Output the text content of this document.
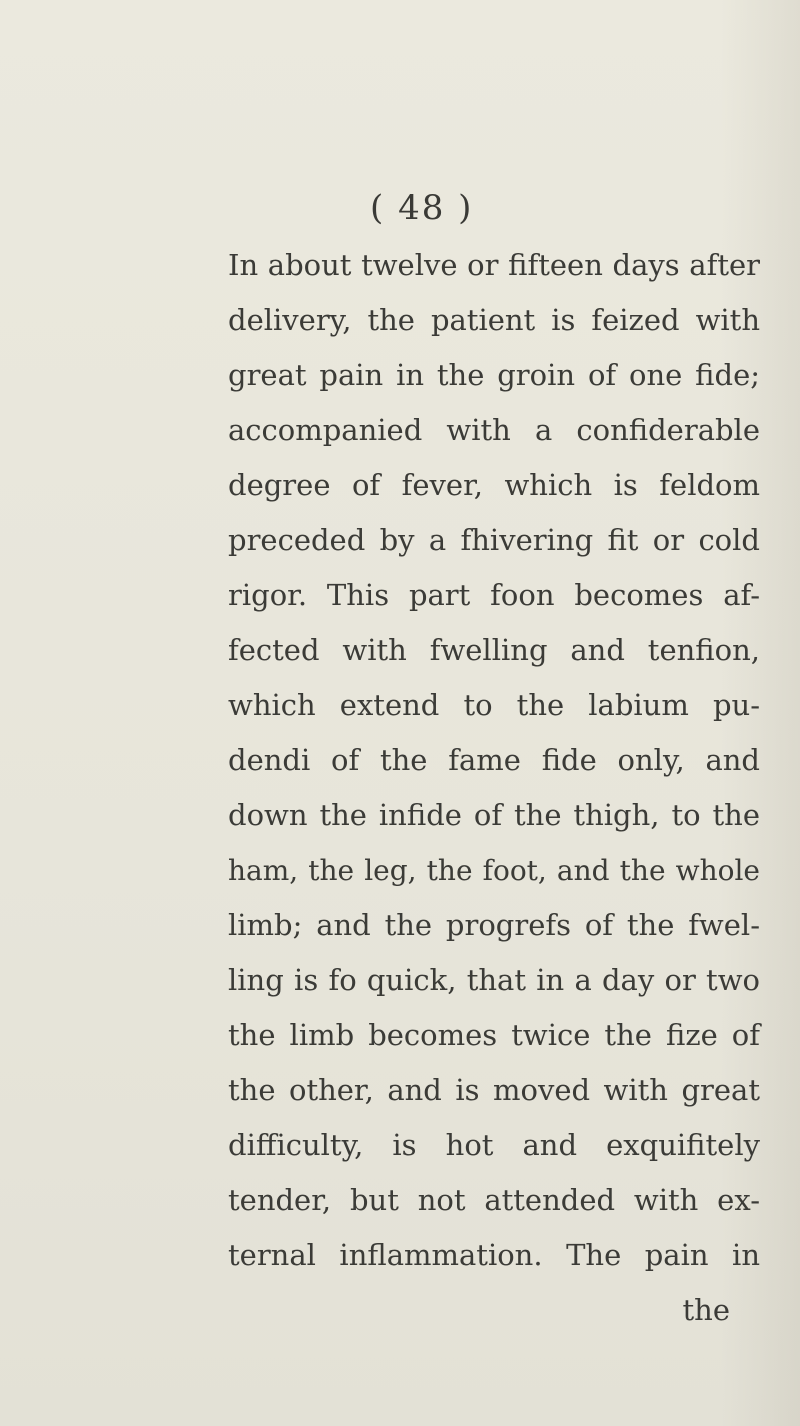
( 48 )
In about twelve or fifteen days after
delivery, the patient is feized with
great pain in the groin of one fide;
accompanied with a confiderable
degree of fever, which is feldom
preceded by a fhivering fit or cold
rigor. This part foon becomes af-
fected with fwelling and tenfion,
which extend to the labium pu-
dendi of the fame fide only, and
down the infide of the thigh, to the
ham, the leg, the foot, and the whole
limb; and the progrefs of the fwel-
ling is fo quick, that in a day or two
the limb becomes twice the fize of
the other, and is moved with great
difficulty, is hot and exquifitely
tender, but not attended with ex-
ternal inflammation. The pain in
the
